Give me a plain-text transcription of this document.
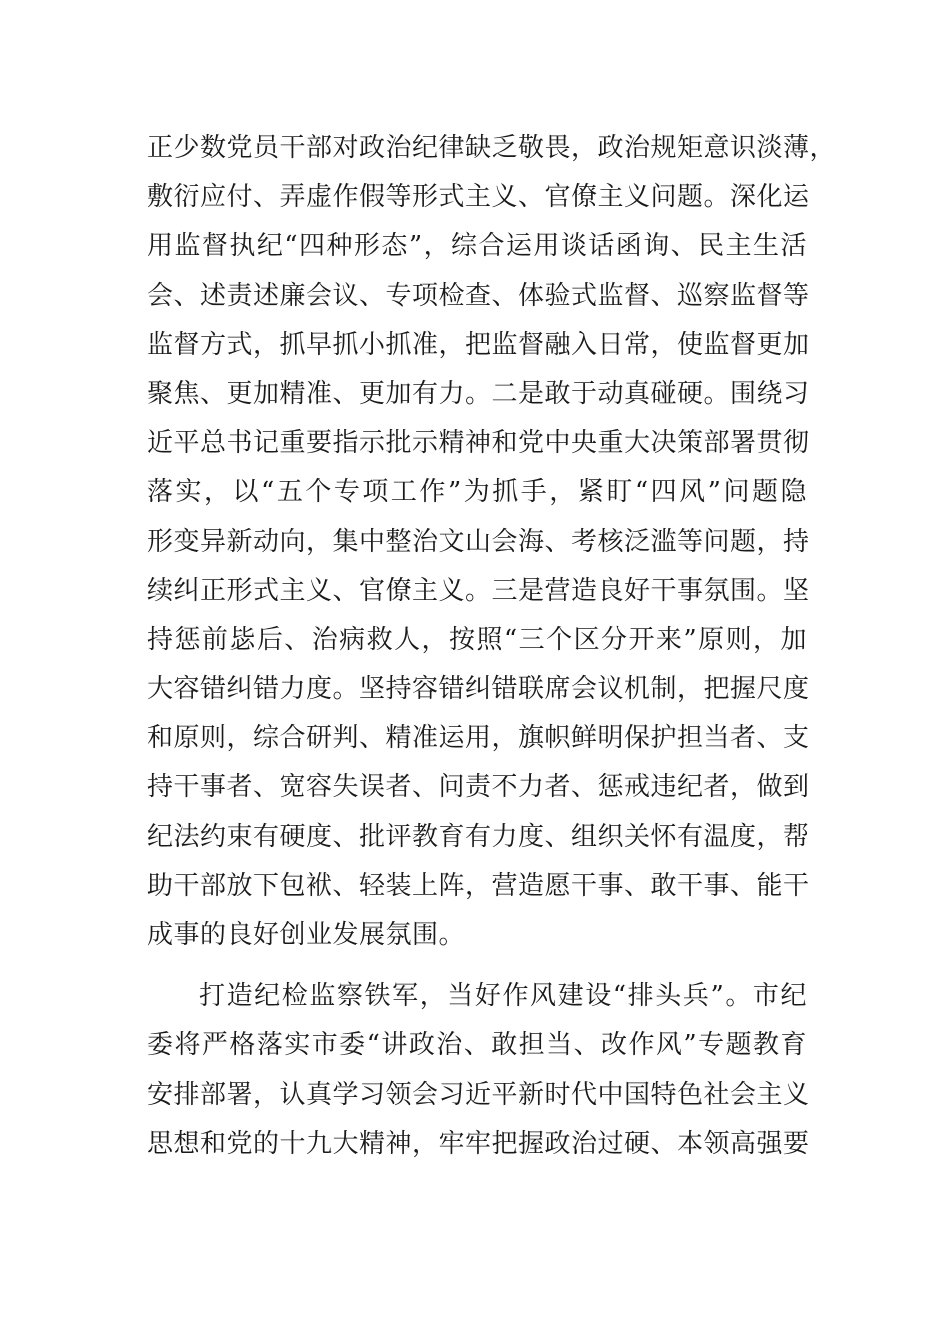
正少数党员干部对政治纪律缺乏敬畏，政治规矩意识淡薄，
敷衍应付、弄虚作假等形式主义、官僚主义问题。深化运
用监督执纪“四种形态”，综合运用谈话函询、民主生活
会、述责述廉会议、专项检查、体验式监督、巡察监督等
监督方式，抓早抓小抓准，把监督融入日常，使监督更加
聚焦、更加精准、更加有力。二是敢于动真碰硬。围绕习
近平总书记重要指示批示精神和党中央重大决策部署贯彻
落实，以“五个专项工作”为抓手，紧盯“四风”问题隐
形变异新动向，集中整治文山会海、考核泛滥等问题，持
续纠正形式主义、官僚主义。三是营造良好干事氛围。坚
持惩前毖后、治病救人，按照“三个区分开来”原则，加
大容错纠错力度。坚持容错纠错联席会议机制，把握尺度
和原则，综合研判、精准运用，旗帜鲜明保护担当者、支
持干事者、宽容失误者、问责不力者、惩戒违纪者，做到
纪法约束有硬度、批评教育有力度、组织关怀有温度，帮
助干部放下包袱、轻装上阵，营造愿干事、敢干事、能干
成事的良好创业发展氛围。
打造纪检监察铁军，当好作风建设“排头兵”。市纪
委将严格落实市委“讲政治、敢担当、改作风”专题教育
安排部署，认真学习领会习近平新时代中国特色社会主义
思想和党的十九大精神，牢牢把握政治过硬、本领高强要
